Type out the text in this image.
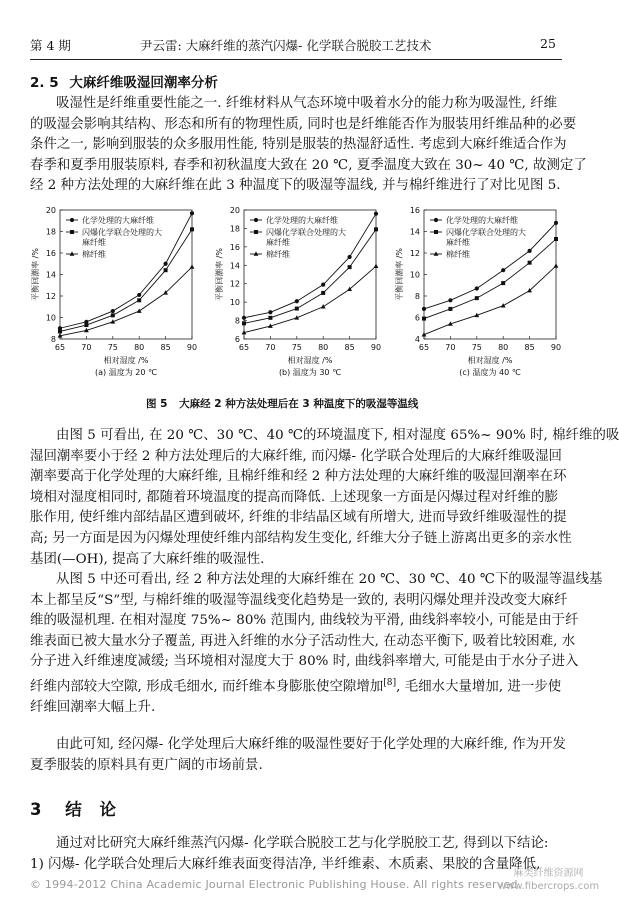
第 4 期	尹云雷: 大麻纤维的蒸汽闪爆- 化学联合脱胶工艺技术	25
2. 5 大麻纤维吸湿回潮率分析

吸湿性是纤维重要性能之一. 纤维材料从气态环境中吸着水分的能力称为吸湿性, 纤维

的吸湿会影响其结构、形态和所有的物理性质, 同时也是纤维能否作为服装用纤维品种的必要

条件之一, 影响到服装的众多服用性能, 特别是服装的热湿舒适性. 考虑到大麻纤维适合作为

春季和夏季用服装原料, 春季和初秋温度大致在 20 ℃, 夏季温度大致在 30~ 40 ℃, 故测定了

经 2 种方法处理的大麻纤维在此 3 种温度下的吸湿等温线, 并与棉纤维进行了对比见图 5.

65 70 75 80 85 90
8
10
12
14
16
18
20
平衡回潮率 /%
相对湿度 /%
(a) 温度为 20 ℃
化学处理的大麻纤维
闪爆化学联合处理的大麻纤维
棉纤维
65 70 75 80 85 90
6
8
10
12
14
16
18
20
平衡回潮率 /%
相对湿度 /%
(b) 温度为 30 ℃
化学处理的大麻纤维
闪爆化学联合处理的大麻纤维
棉纤维
65 70 75 80 85 90
4
6
8
10
12
14
16
平衡回潮率 /%
相对湿度 /%
(c) 温度为 40 ℃
化学处理的大麻纤维
闪爆化学联合处理的大麻纤维
棉纤维
图 5 大麻经 2 种方法处理后在 3 种温度下的吸湿等温线

由图 5 可看出, 在 20 ℃、30 ℃、40 ℃的环境温度下, 相对湿度 65%~ 90% 时, 棉纤维的吸

湿回潮率要小于经 2 种方法处理后的大麻纤维, 而闪爆- 化学联合处理后的大麻纤维吸湿回

潮率要高于化学处理的大麻纤维, 且棉纤维和经 2 种方法处理的大麻纤维的吸湿回潮率在环

境相对湿度相同时, 都随着环境温度的提高而降低. 上述现象一方面是闪爆过程对纤维的膨

胀作用, 使纤维内部结晶区遭到破坏, 纤维的非结晶区域有所增大, 进而导致纤维吸湿性的提

高; 另一方面是因为闪爆处理使纤维内部结构发生变化, 纤维大分子链上游离出更多的亲水性

基团(—OH), 提高了大麻纤维的吸湿性.

从图 5 中还可看出, 经 2 种方法处理的大麻纤维在 20 ℃、30 ℃、40 ℃下的吸湿等温线基

本上都呈反“S”型, 与棉纤维的吸湿等温线变化趋势是一致的, 表明闪爆处理并没改变大麻纤

维的吸湿机理. 在相对湿度 75%~ 80% 范围内, 曲线较为平滑, 曲线斜率较小, 可能是由于纤

维表面已被大量水分子覆盖, 再进入纤维的水分子活动性大, 在动态平衡下, 吸着比较困难, 水

分子进入纤维速度减缓; 当环境相对湿度大于 80% 时, 曲线斜率增大, 可能是由于水分子进入

纤维内部较大空隙, 形成毛细水, 而纤维本身膨胀使空隙增加[8], 毛细水大量增加, 进一步使

纤维回潮率大幅上升.

由此可知, 经闪爆- 化学处理后大麻纤维的吸湿性要好于化学处理的大麻纤维, 作为开发

夏季服装的原料具有更广阔的市场前景.

3 结 论

通过对比研究大麻纤维蒸汽闪爆- 化学联合脱胶工艺与化学脱胶工艺, 得到以下结论:

1) 闪爆- 化学联合处理后大麻纤维表面变得洁净, 半纤维素、木质素、果胶的含量降低,

© 1994-2012 China Academic Journal Electronic Publishing House. All rights reserved.
麻类纤维资源网
www.fibercrops.com
